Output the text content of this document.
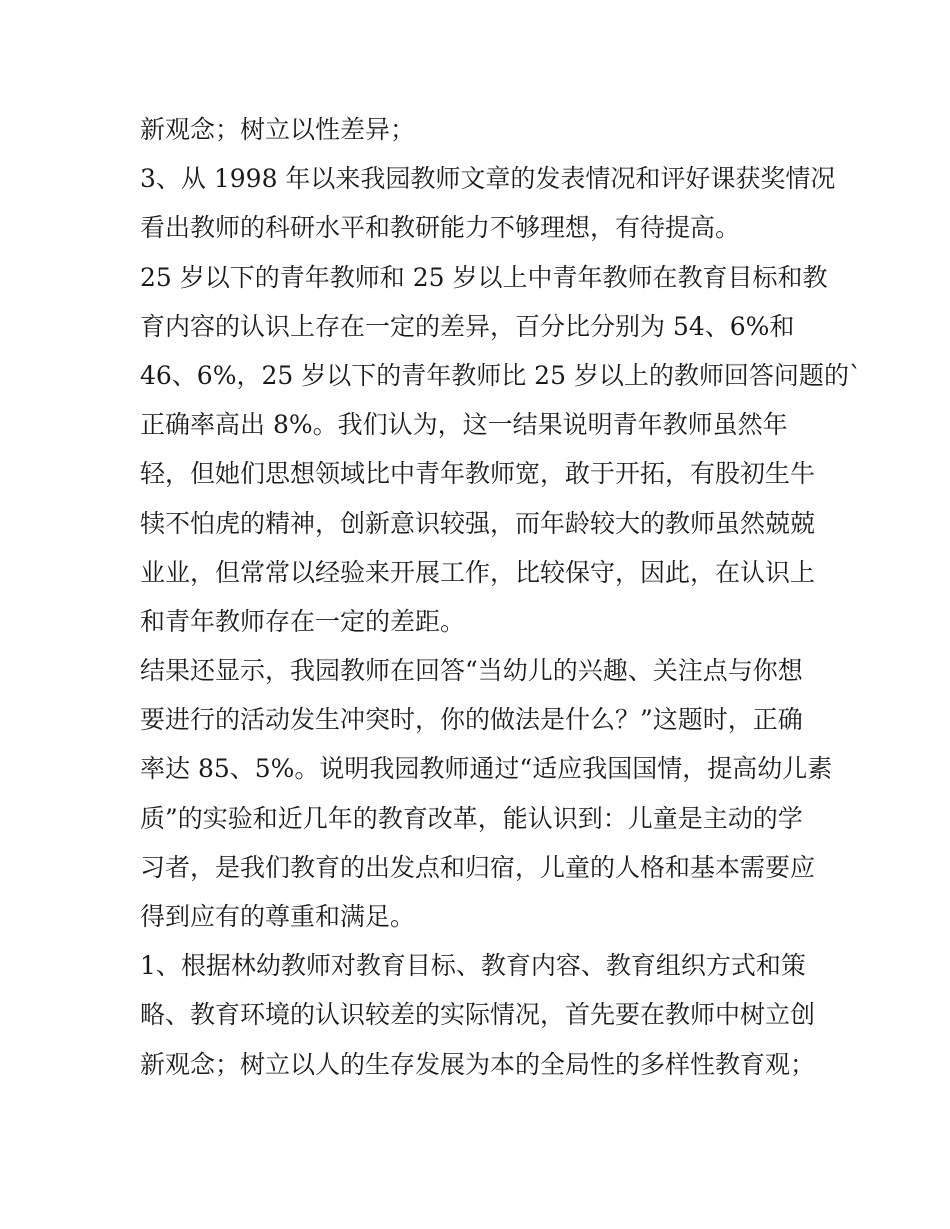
新观念；树立以性差异；
3、从 1998 年以来我园教师文章的发表情况和评好课获奖情况
看出教师的科研水平和教研能力不够理想，有待提高。
25 岁以下的青年教师和 25 岁以上中青年教师在教育目标和教
育内容的认识上存在一定的差异，百分比分别为 54、6%和
46、6%，25 岁以下的青年教师比 25 岁以上的教师回答问题的`
正确率高出 8%。我们认为，这一结果说明青年教师虽然年
轻，但她们思想领域比中青年教师宽，敢于开拓，有股初生牛
犊不怕虎的精神，创新意识较强，而年龄较大的教师虽然兢兢
业业，但常常以经验来开展工作，比较保守，因此，在认识上
和青年教师存在一定的差距。
结果还显示，我园教师在回答“当幼儿的兴趣、关注点与你想
要进行的活动发生冲突时，你的做法是什么？”这题时，正确
率达 85、5%。说明我园教师通过“适应我国国情，提高幼儿素
质”的实验和近几年的教育改革，能认识到：儿童是主动的学
习者，是我们教育的出发点和归宿，儿童的人格和基本需要应
得到应有的尊重和满足。
1、根据林幼教师对教育目标、教育内容、教育组织方式和策
略、教育环境的认识较差的实际情况，首先要在教师中树立创
新观念；树立以人的生存发展为本的全局性的多样性教育观；
